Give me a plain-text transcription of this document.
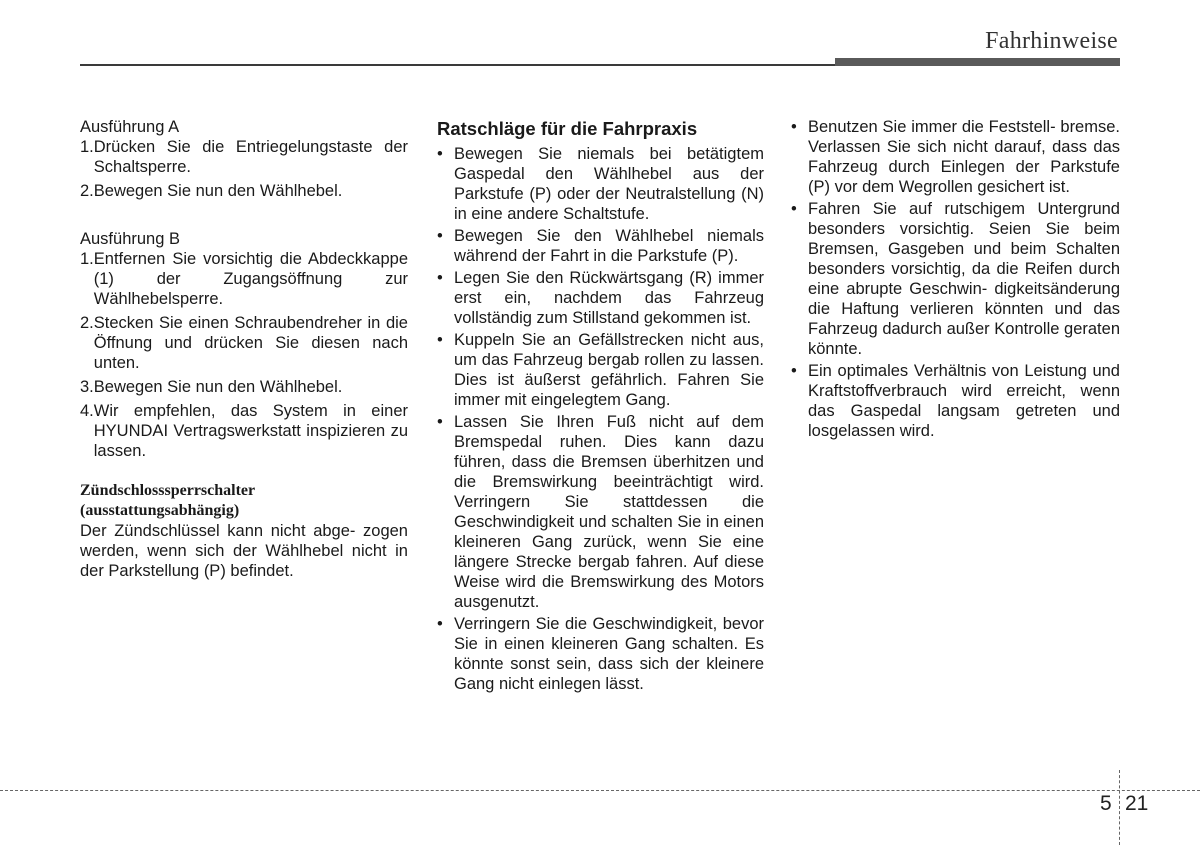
Fahrhinweise

Ausführung A

1. Drücken Sie die Entriegelungstaste der Schaltsperre.
2. Bewegen Sie nun den Wählhebel.

Ausführung B

1. Entfernen Sie vorsichtig die Abdeckkappe (1) der Zugangsöffnung zur Wählhebelsperre.
2. Stecken Sie einen Schraubendreher in die Öffnung und drücken Sie diesen nach unten.
3. Bewegen Sie nun den Wählhebel.
4. Wir empfehlen, das System in einer HYUNDAI Vertragswerkstatt inspizieren zu lassen.
Zündschlosssperrschalter
(ausstattungsabhängig)

Der Zündschlüssel kann nicht abge- zogen werden, wenn sich der Wählhebel nicht in der Parkstellung (P) befindet.

Ratschläge für die Fahrpraxis
• Bewegen Sie niemals bei betätigtem Gaspedal den Wählhebel aus der Parkstufe (P) oder der Neutralstellung (N) in eine andere Schaltstufe.
• Bewegen Sie den Wählhebel niemals während der Fahrt in die Parkstufe (P).
• Legen Sie den Rückwärtsgang (R) immer erst ein, nachdem das Fahrzeug vollständig zum Stillstand gekommen ist.
• Kuppeln Sie an Gefällstrecken nicht aus, um das Fahrzeug bergab rollen zu lassen. Dies ist äußerst gefährlich. Fahren Sie immer mit eingelegtem Gang.
• Lassen Sie Ihren Fuß nicht auf dem Bremspedal ruhen. Dies kann dazu führen, dass die Bremsen überhitzen und die Bremswirkung beeinträchtigt wird. Verringern Sie stattdessen die Geschwindigkeit und schalten Sie in einen kleineren Gang zurück, wenn Sie eine längere Strecke bergab fahren. Auf diese Weise wird die Bremswirkung des Motors ausgenutzt.
• Verringern Sie die Geschwindigkeit, bevor Sie in einen kleineren Gang schalten. Es könnte sonst sein, dass sich der kleinere Gang nicht einlegen lässt.
• Benutzen Sie immer die Feststell- bremse. Verlassen Sie sich nicht darauf, dass das Fahrzeug durch Einlegen der Parkstufe (P) vor dem Wegrollen gesichert ist.
• Fahren Sie auf rutschigem Untergrund besonders vorsichtig. Seien Sie beim Bremsen, Gasgeben und beim Schalten besonders vorsichtig, da die Reifen durch eine abrupte Geschwin- digkeitsänderung die Haftung verlieren könnten und das Fahrzeug dadurch außer Kontrolle geraten könnte.
• Ein optimales Verhältnis von Leistung und Kraftstoffverbrauch wird erreicht, wenn das Gaspedal langsam getreten und losgelassen wird.
5 21
